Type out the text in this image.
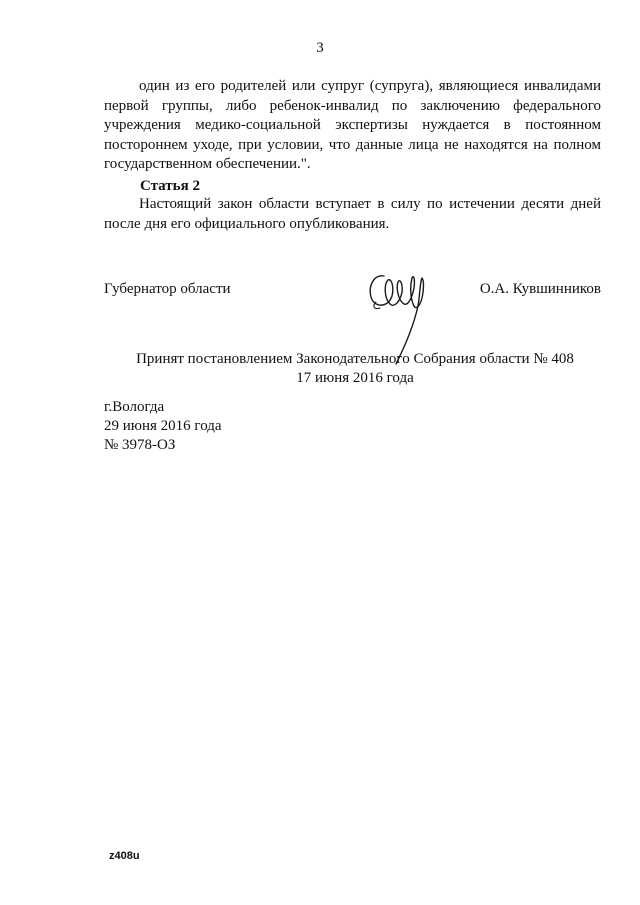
3

один из его родителей или супруг (супруга), являющиеся инвалидами
первой группы, либо ребенок-инвалид по заключению федерального
учреждения медико-социальной экспертизы нуждается в постоянном
постороннем уходе, при условии, что данные лица не находятся на полном
государственном обеспечении.".

Статья 2

Настоящий закон области вступает в силу по истечении десяти дней
после дня его официального опубликования.

Губернатор области	О.А. Кувшинников
Принят постановлением Законодательного Собрания области № 408
17 июня 2016 года
г.Вологда
29 июня 2016 года
№ 3978-ОЗ
z408u
